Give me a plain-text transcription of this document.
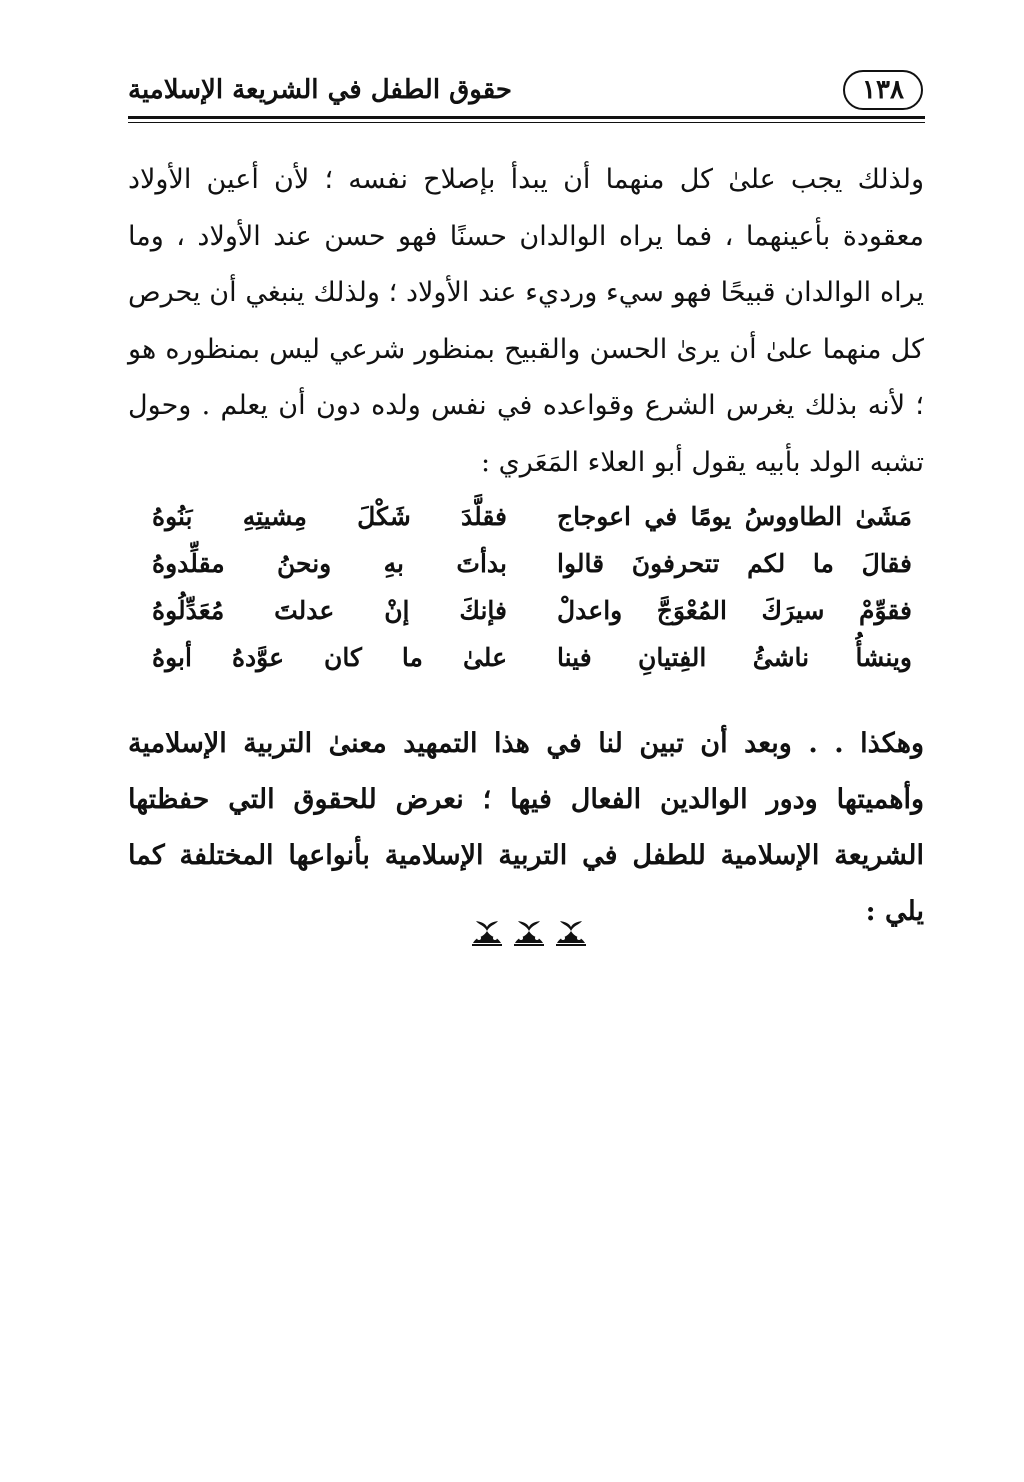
١٣٨
حقوق الطفل في الشريعة الإسلامية

ولذلك يجب علىٰ كل منهما أن يبدأ بإصلاح نفسه ؛ لأن أعين الأولاد معقودة بأعينهما ، فما يراه الوالدان حسنًا فهو حسن عند الأولاد ، وما يراه الوالدان قبيحًا فهو سيء ورديء عند الأولاد ؛ ولذلك ينبغي أن يحرص كل منهما علىٰ أن يرىٰ الحسن والقبيح بمنظور شرعي ليس بمنظوره هو ؛ لأنه بذلك يغرس الشرع وقواعده في نفس ولده دون أن يعلم . وحول تشبه الولد بأبيه يقول أبو العلاء المَعَري :

مَشَىٰ الطاووسُ يومًا في اعوجاج
فقلَّدَ شَكْلَ مِشيتِهِ بَنُوهُ
فقالَ ما لكم تتحرفونَ قالوا
بدأتَ بهِ ونحنُ مقلِّدوهُ
فقوِّمْ سيرَكَ المُعْوَجَّ واعدلْ
فإنكَ إنْ عدلتَ مُعَدِّلُوهُ
وينشأُ ناشئُ الفِتيانِ فينا
علىٰ ما كان عوَّدهُ أبوهُ

وهكذا . . وبعد أن تبين لنا في هذا التمهيد معنىٰ التربية الإسلامية وأهميتها ودور الوالدين الفعال فيها ؛ نعرض للحقوق التي حفظتها الشريعة الإسلامية للطفل في التربية الإسلامية بأنواعها المختلفة كما يلي :
